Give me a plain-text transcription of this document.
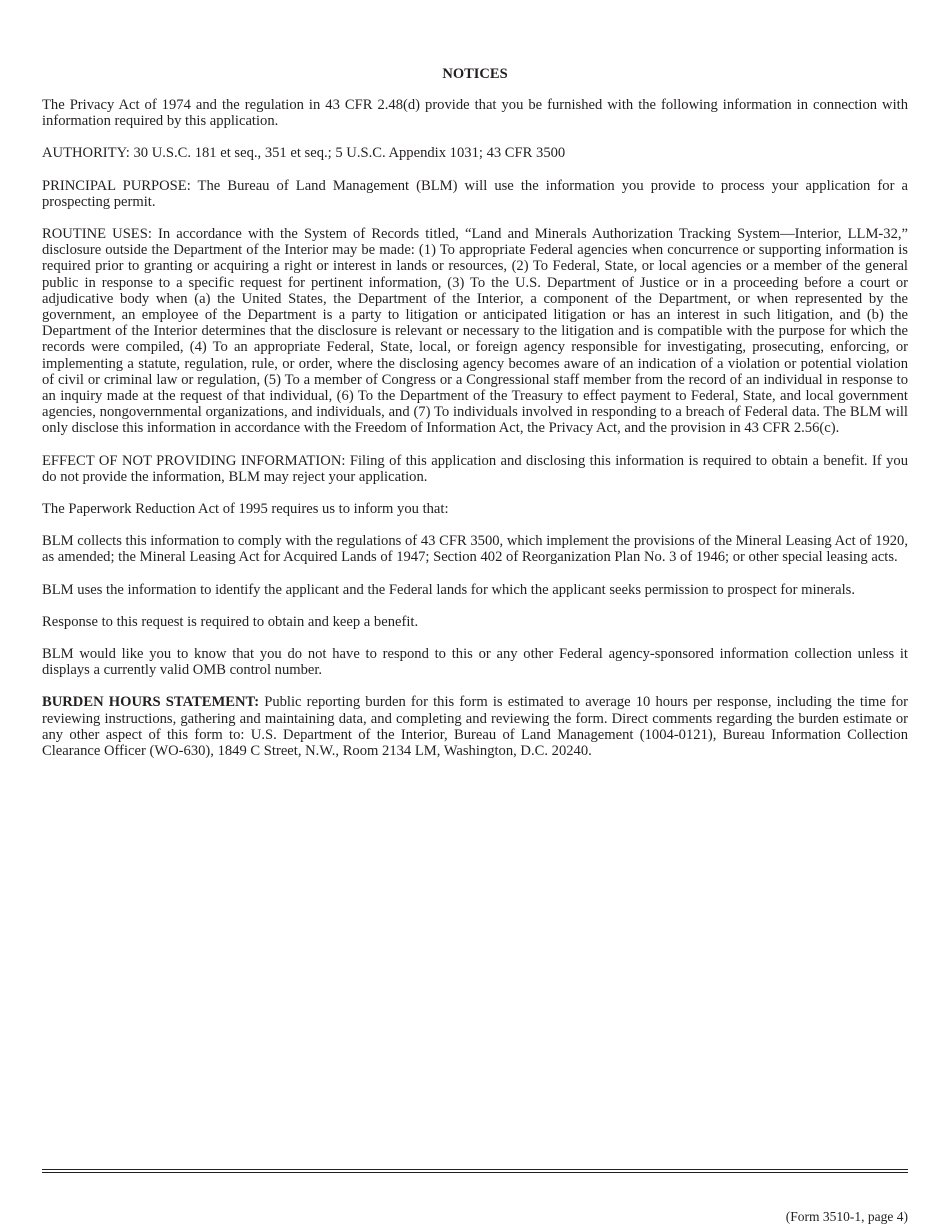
NOTICES

The Privacy Act of 1974 and the regulation in 43 CFR 2.48(d) provide that you be furnished with the following information in connection with information required by this application.

AUTHORITY: 30 U.S.C. 181 et seq., 351 et seq.; 5 U.S.C. Appendix 1031; 43 CFR 3500

PRINCIPAL PURPOSE: The Bureau of Land Management (BLM) will use the information you provide to process your application for a prospecting permit.

ROUTINE USES: In accordance with the System of Records titled, “Land and Minerals Authorization Tracking System—Interior, LLM-32,” disclosure outside the Department of the Interior may be made: (1) To appropriate Federal agencies when concurrence or supporting information is required prior to granting or acquiring a right or interest in lands or resources, (2) To Federal, State, or local agencies or a member of the general public in response to a specific request for pertinent information, (3) To the U.S. Department of Justice or in a proceeding before a court or adjudicative body when (a) the United States, the Department of the Interior, a component of the Department, or when represented by the government, an employee of the Department is a party to litigation or anticipated litigation or has an interest in such litigation, and (b) the Department of the Interior determines that the disclosure is relevant or necessary to the litigation and is compatible with the purpose for which the records were compiled, (4) To an appropriate Federal, State, local, or foreign agency responsible for investigating, prosecuting, enforcing, or implementing a statute, regulation, rule, or order, where the disclosing agency becomes aware of an indication of a violation or potential violation of civil or criminal law or regulation, (5) To a member of Congress or a Congressional staff member from the record of an individual in response to an inquiry made at the request of that individual, (6) To the Department of the Treasury to effect payment to Federal, State, and local government agencies, nongovernmental organizations, and individuals, and (7) To individuals involved in responding to a breach of Federal data. The BLM will only disclose this information in accordance with the Freedom of Information Act, the Privacy Act, and the provision in 43 CFR 2.56(c).

EFFECT OF NOT PROVIDING INFORMATION: Filing of this application and disclosing this information is required to obtain a benefit. If you do not provide the information, BLM may reject your application.

The Paperwork Reduction Act of 1995 requires us to inform you that:

BLM collects this information to comply with the regulations of 43 CFR 3500, which implement the provisions of the Mineral Leasing Act of 1920, as amended; the Mineral Leasing Act for Acquired Lands of 1947; Section 402 of Reorganization Plan No. 3 of 1946; or other special leasing acts.

BLM uses the information to identify the applicant and the Federal lands for which the applicant seeks permission to prospect for minerals.

Response to this request is required to obtain and keep a benefit.

BLM would like you to know that you do not have to respond to this or any other Federal agency-sponsored information collection unless it displays a currently valid OMB control number.

BURDEN HOURS STATEMENT: Public reporting burden for this form is estimated to average 10 hours per response, including the time for reviewing instructions, gathering and maintaining data, and completing and reviewing the form. Direct comments regarding the burden estimate or any other aspect of this form to: U.S. Department of the Interior, Bureau of Land Management (1004-0121), Bureau Information Collection Clearance Officer (WO-630), 1849 C Street, N.W., Room 2134 LM, Washington, D.C. 20240.

(Form 3510-1, page 4)
